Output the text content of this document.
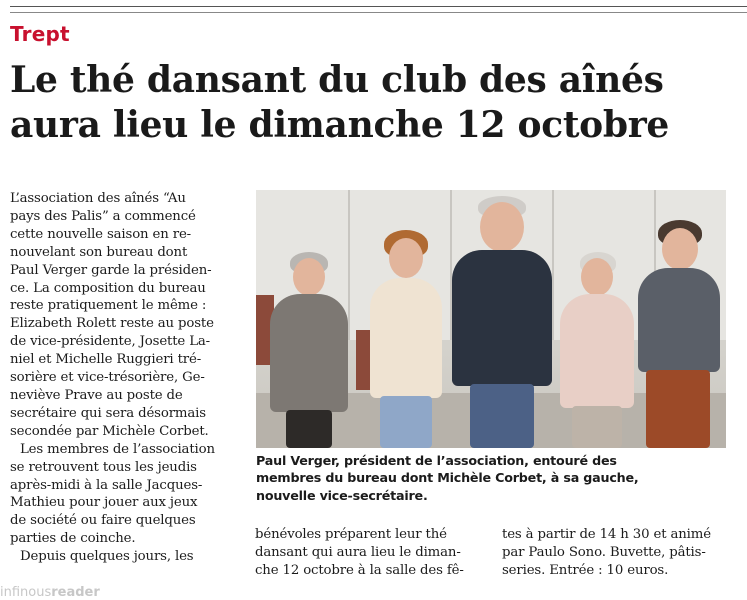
Trept
Le thé dansant du club des aînés
aura lieu le dimanche 12 octobre
L’association des aînés “Au
pays des Palis” a commencé
cette nouvelle saison en re-
nouvelant son bureau dont
Paul Verger garde la présiden-
ce. La composition du bureau
reste pratiquement le même :
Elizabeth Rolett reste au poste
de vice-présidente, Josette La-
niel et Michelle Ruggieri tré-
sorière et vice-trésorière, Ge-
neviève Prave au poste de
secrétaire qui sera désormais
secondée par Michèle Corbet.
Les membres de l’association
se retrouvent tous les jeudis
après-midi à la salle Jacques-
Mathieu pour jouer aux jeux
de société ou faire quelques
parties de coinche.
Depuis quelques jours, les
Paul Verger, président de l’association, entouré des
membres du bureau dont Michèle Corbet, à sa gauche,
nouvelle vice-secrétaire.
bénévoles préparent leur thé
dansant qui aura lieu le diman-
che 12 octobre à la salle des fê-
tes à partir de 14 h 30 et animé
par Paulo Sono. Buvette, pâtis-
series. Entrée : 10 euros.
infinousreader
